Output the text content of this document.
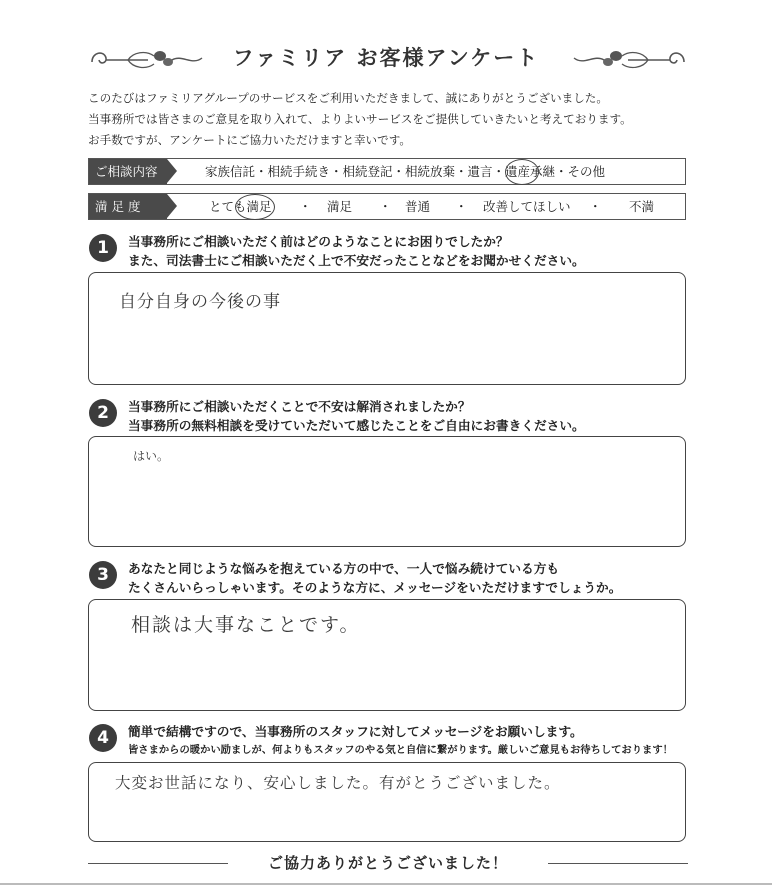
ファミリア お客様アンケート
このたびはファミリアグループのサービスをご利用いただきまして、誠にありがとうございました。
当事務所では皆さまのご意見を取り入れて、よりよいサービスをご提供していきたいと考えております。
お手数ですが、アンケートにご協力いただけますと幸いです。
ご相談内容	家族信託・相続手続き・相続登記・相続放棄・遺言・遺産承継・その他
満 足 度	とても満足 ・ 満足 ・ 普通 ・ 改善してほしい ・ 不満
1	当事務所にご相談いただく前はどのようなことにお困りでしたか？
また、司法書士にご相談いただく上で不安だったことなどをお聞かせください。
自分自身の今後の事
2	当事務所にご相談いただくことで不安は解消されましたか？
当事務所の無料相談を受けていただいて感じたことをご自由にお書きください。
はい。
3	あなたと同じような悩みを抱えている方の中で、一人で悩み続けている方も
たくさんいらっしゃいます。そのような方に、メッセージをいただけますでしょうか。
相談は大事なことです。
4	簡単で結構ですので、当事務所のスタッフに対してメッセージをお願いします。
皆さまからの暖かい励ましが、何よりもスタッフのやる気と自信に繋がります。厳しいご意見もお待ちしております！
大変お世話になり、安心しました。有がとうございました。
ご協力ありがとうございました！
